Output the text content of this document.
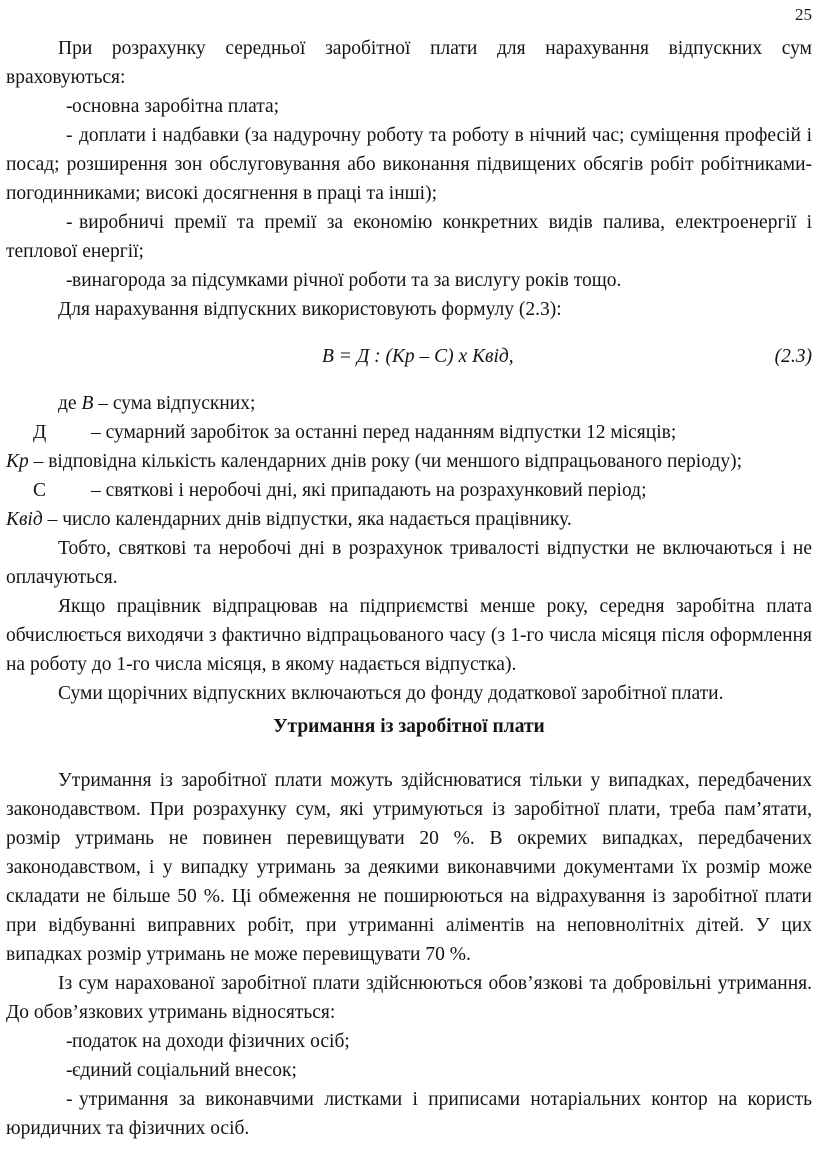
25

При розрахунку середньої заробітної плати для нарахування відпускних сум враховуються:

-основна заробітна плата;

- доплати і надбавки (за надурочну роботу та роботу в нічний час; суміщення професій і посад; розширення зон обслуговування або виконання підвищених обсягів робіт робітниками-погодинниками; високі досягнення в праці та інші);

- виробничі премії та премії за економію конкретних видів палива, електроенергії і теплової енергії;

-винагорода за підсумками річної роботи та за вислугу років тощо.

Для нарахування відпускних використовують формулу (2.3):

В = Д : (Кр – С) х Квід,	(2.3)

де В – сума відпускних;

Д – сумарний заробіток за останні перед наданням відпустки 12 місяців;

Кр – відповідна кількість календарних днів року (чи меншого відпрацьованого періоду);

С – святкові і неробочі дні, які припадають на розрахунковий період;

Квід – число календарних днів відпустки, яка надається працівнику.

Тобто, святкові та неробочі дні в розрахунок тривалості відпустки не включаються і не оплачуються.

Якщо працівник відпрацював на підприємстві менше року, середня заробітна плата обчислюється виходячи з фактично відпрацьованого часу (з 1-го числа місяця після оформлення на роботу до 1-го числа місяця, в якому надається відпустка).

Суми щорічних відпускних включаються до фонду додаткової заробітної плати.

Утримання із заробітної плати

Утримання із заробітної плати можуть здійснюватися тільки у випадках, передбачених законодавством. При розрахунку сум, які утримуються із заробітної плати, треба пам’ятати, розмір утримань не повинен перевищувати 20 %. В окремих випадках, передбачених законодавством, і у випадку утримань за деякими виконавчими документами їх розмір може складати не більше 50 %. Ці обмеження не поширюються на відрахування із заробітної плати при відбуванні виправних робіт, при утриманні аліментів на неповнолітніх дітей. У цих випадках розмір утримань не може перевищувати 70 %.

Із сум нарахованої заробітної плати здійснюються обов’язкові та добровільні утримання. До обов’язкових утримань відносяться:

-податок на доходи фізичних осіб;

-єдиний соціальний внесок;

- утримання за виконавчими листками і приписами нотаріальних контор на користь юридичних та фізичних осіб.
